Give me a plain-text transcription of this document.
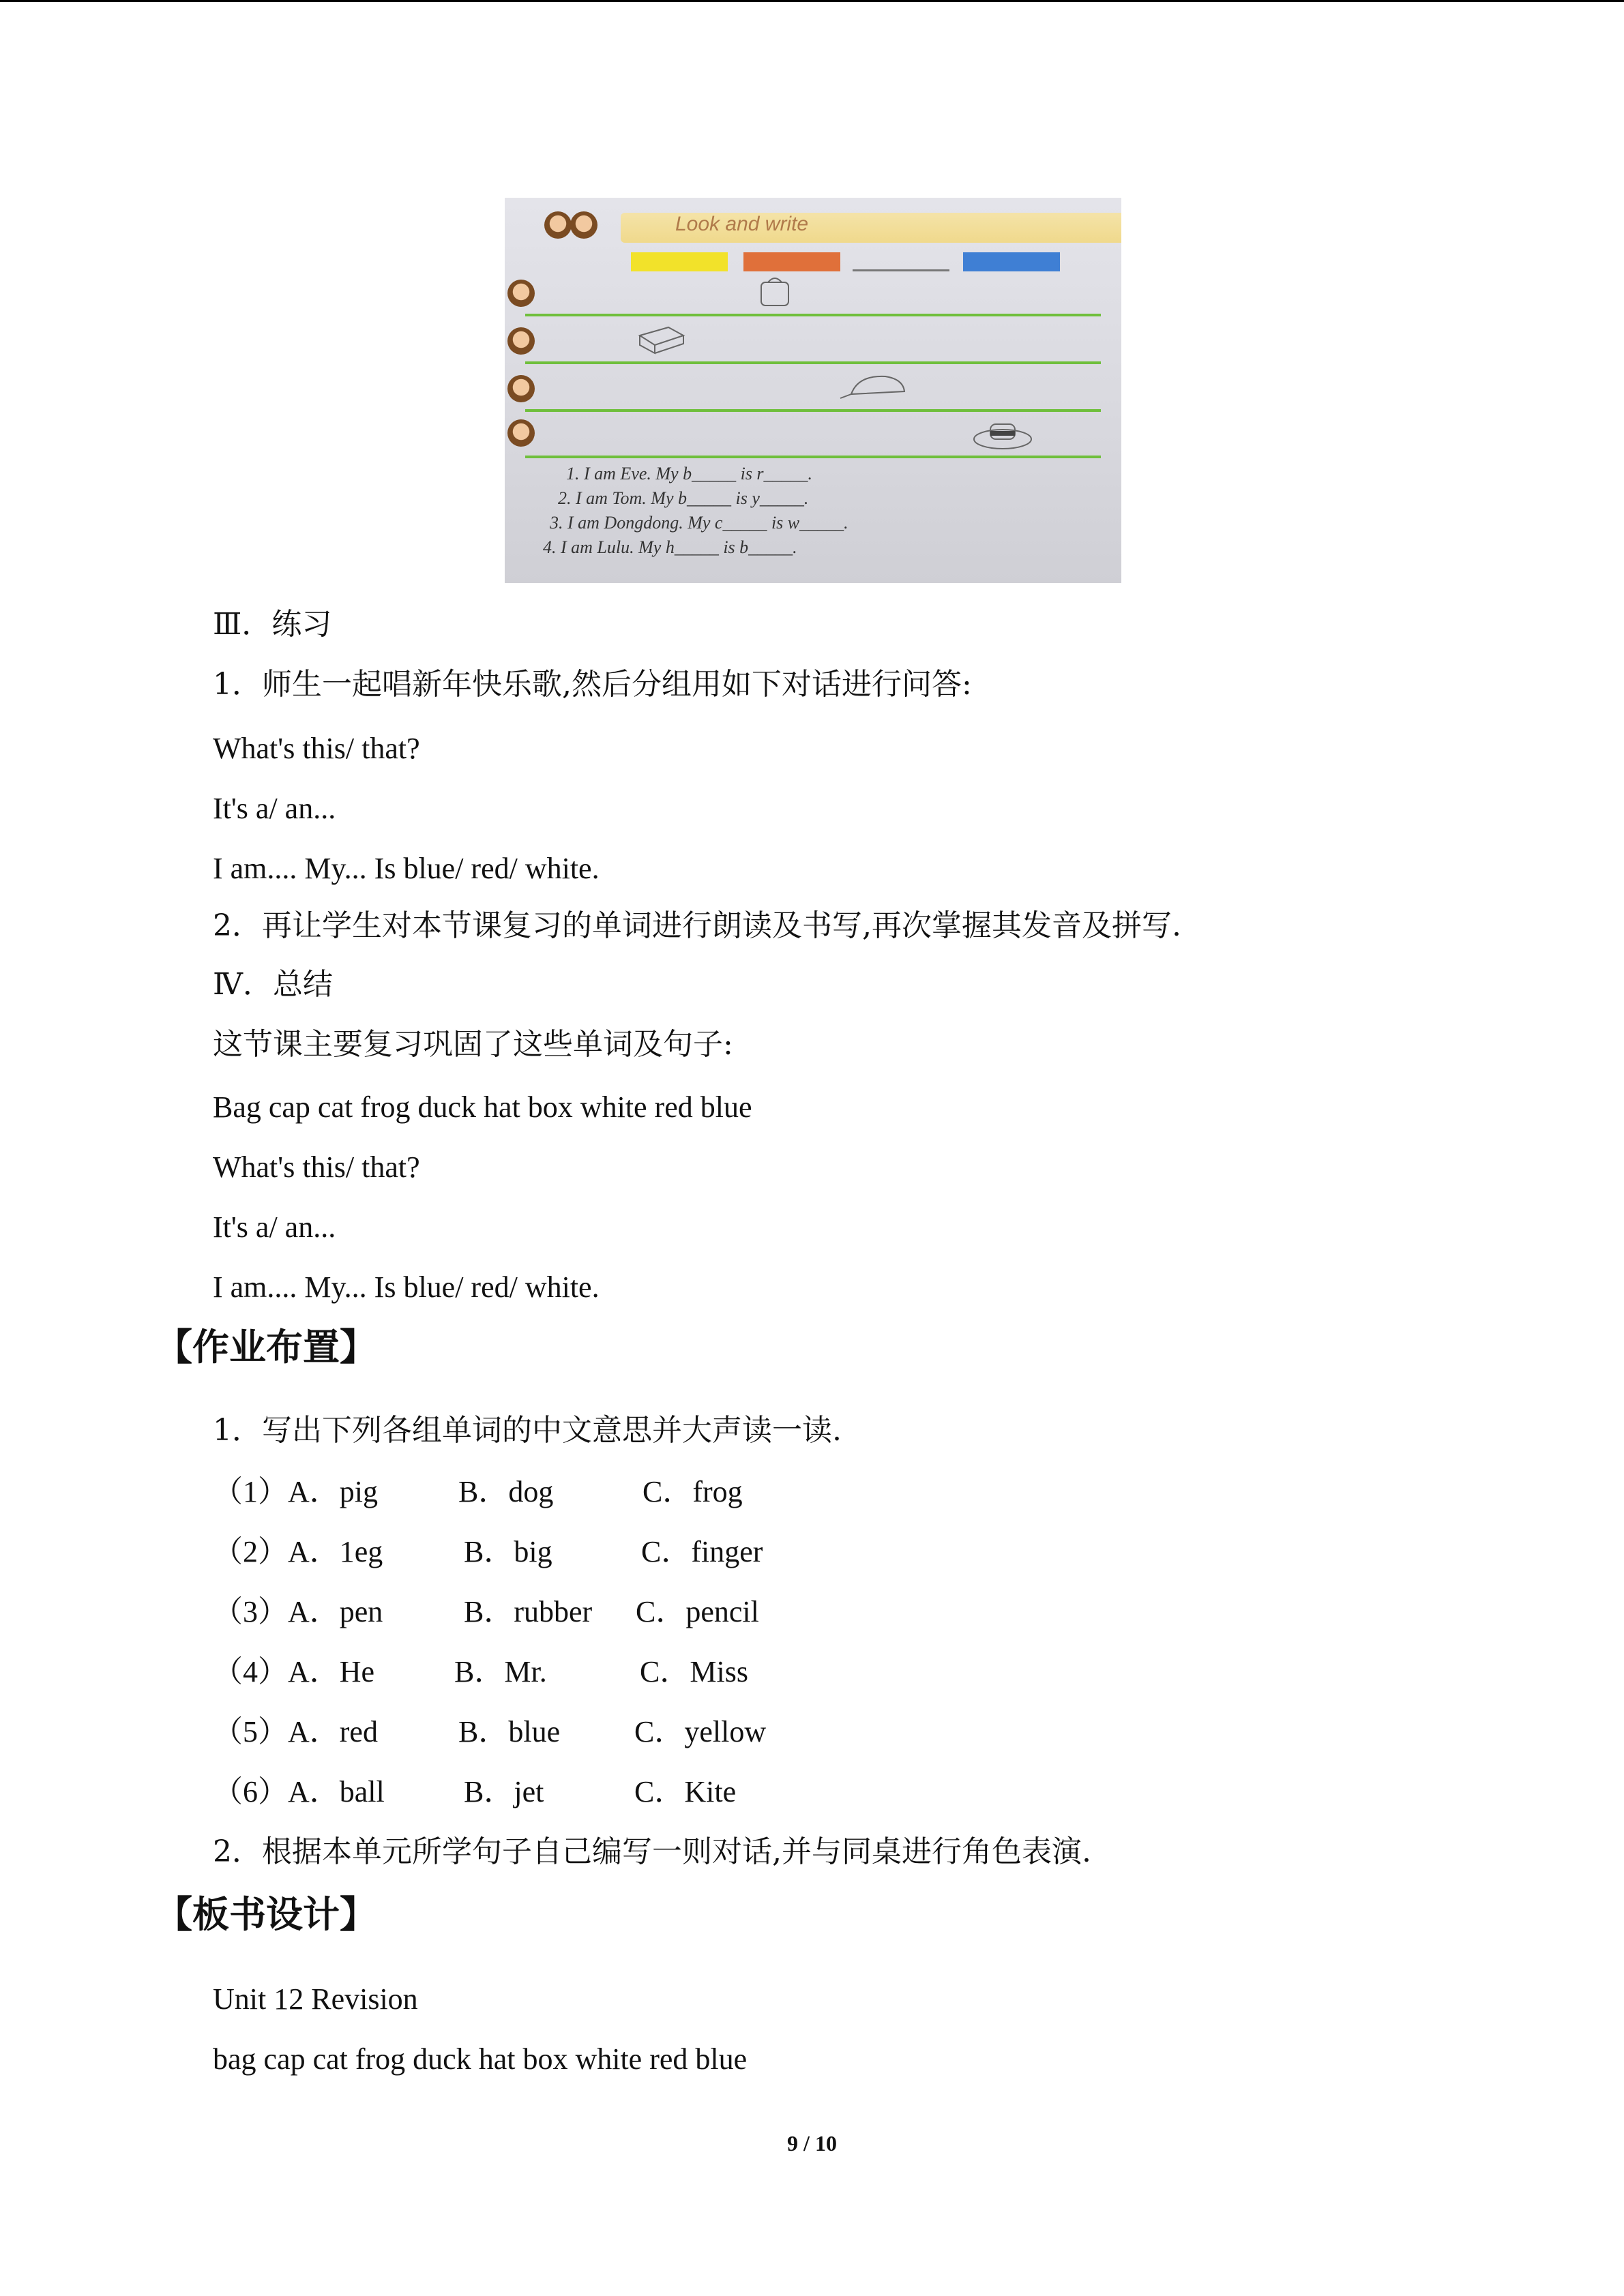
Look and write
1. I am Eve. My b_____ is r_____.
2. I am Tom. My b_____ is y_____.
3. I am Dongdong. My c_____ is w_____.
4. I am Lulu. My h_____ is b_____.
Ⅲ．练习
1．师生一起唱新年快乐歌,然后分组用如下对话进行问答:
What's this/ that?
It's a/ an...
I am.... My... Is blue/ red/ white.
2．再让学生对本节课复习的单词进行朗读及书写,再次掌握其发音及拼写.
Ⅳ．总结
这节课主要复习巩固了这些单词及句子:
Bag cap cat frog duck hat box white red blue
What's this/ that?
It's a/ an...
I am.... My... Is blue/ red/ white.
【作业布置】
1．写出下列各组单词的中文意思并大声读一读.
（1）A．pig	B．dog	C．frog
（2）A．1eg	B．big	C．finger
（3）A．pen	B．rubber C．pencil
（4）A．He	B．Mr.	C．Miss
（5）A．red	B．blue C．yellow
（6）A．ball	B．jet	C．Kite
2．根据本单元所学句子自己编写一则对话,并与同桌进行角色表演.
【板书设计】
Unit 12 Revision
bag cap cat frog duck hat box white red blue
9 / 10
